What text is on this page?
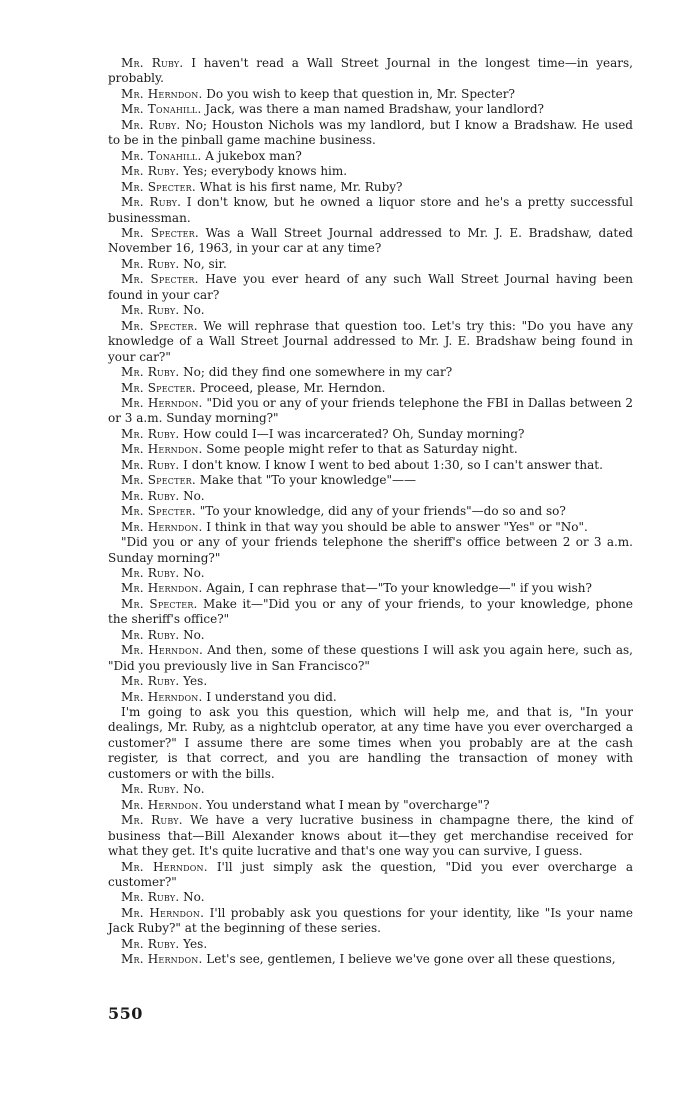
Mr. Ruby. I haven't read a Wall Street Journal in the longest time—in years, probably.

Mr. Herndon. Do you wish to keep that question in, Mr. Specter?

Mr. Tonahill. Jack, was there a man named Bradshaw, your landlord?

Mr. Ruby. No; Houston Nichols was my landlord, but I know a Bradshaw. He used to be in the pinball game machine business.

Mr. Tonahill. A jukebox man?

Mr. Ruby. Yes; everybody knows him.

Mr. Specter. What is his first name, Mr. Ruby?

Mr. Ruby. I don't know, but he owned a liquor store and he's a pretty successful businessman.

Mr. Specter. Was a Wall Street Journal addressed to Mr. J. E. Bradshaw, dated November 16, 1963, in your car at any time?

Mr. Ruby. No, sir.

Mr. Specter. Have you ever heard of any such Wall Street Journal having been found in your car?

Mr. Ruby. No.

Mr. Specter. We will rephrase that question too. Let's try this: "Do you have any knowledge of a Wall Street Journal addressed to Mr. J. E. Bradshaw being found in your car?"

Mr. Ruby. No; did they find one somewhere in my car?

Mr. Specter. Proceed, please, Mr. Herndon.

Mr. Herndon. "Did you or any of your friends telephone the FBI in Dallas between 2 or 3 a.m. Sunday morning?"

Mr. Ruby. How could I—I was incarcerated? Oh, Sunday morning?

Mr. Herndon. Some people might refer to that as Saturday night.

Mr. Ruby. I don't know. I know I went to bed about 1:30, so I can't answer that.

Mr. Specter. Make that "To your knowledge"——

Mr. Ruby. No.

Mr. Specter. "To your knowledge, did any of your friends"—do so and so?

Mr. Herndon. I think in that way you should be able to answer "Yes" or "No".

"Did you or any of your friends telephone the sheriff's office between 2 or 3 a.m. Sunday morning?"

Mr. Ruby. No.

Mr. Herndon. Again, I can rephrase that—"To your knowledge—" if you wish?

Mr. Specter. Make it—"Did you or any of your friends, to your knowledge, phone the sheriff's office?"

Mr. Ruby. No.

Mr. Herndon. And then, some of these questions I will ask you again here, such as, "Did you previously live in San Francisco?"

Mr. Ruby. Yes.

Mr. Herndon. I understand you did.

I'm going to ask you this question, which will help me, and that is, "In your dealings, Mr. Ruby, as a nightclub operator, at any time have you ever overcharged a customer?" I assume there are some times when you probably are at the cash register, is that correct, and you are handling the transaction of money with customers or with the bills.

Mr. Ruby. No.

Mr. Herndon. You understand what I mean by "overcharge"?

Mr. Ruby. We have a very lucrative business in champagne there, the kind of business that—Bill Alexander knows about it—they get merchandise received for what they get. It's quite lucrative and that's one way you can survive, I guess.

Mr. Herndon. I'll just simply ask the question, "Did you ever overcharge a customer?"

Mr. Ruby. No.

Mr. Herndon. I'll probably ask you questions for your identity, like "Is your name Jack Ruby?" at the beginning of these series.

Mr. Ruby. Yes.

Mr. Herndon. Let's see, gentlemen, I believe we've gone over all these questions,

550
